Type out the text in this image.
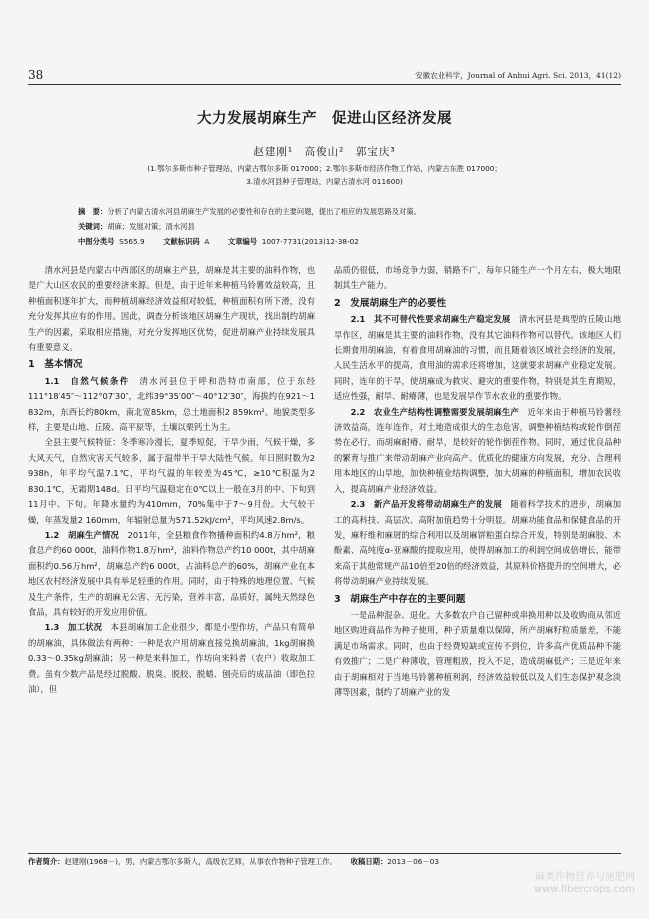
38	安徽农业科学，Journal of Anhui Agri. Sci. 2013，41(12)
大力发展胡麻生产　促进山区经济发展
赵建刚¹　高俊山²　郭宝庆³
(1.鄂尔多斯市种子管理站，内蒙古鄂尔多斯 017000；2.鄂尔多斯市经济作物工作站，内蒙古东胜 017000；
3.清水河县种子管理站，内蒙古清水河 011600)
摘　要：分析了内蒙古清水河县胡麻生产发展的必要性和存在的主要问题，提出了相应的发展思路及对策。
关键词：胡麻；发展对策；清水河县
中图分类号 S565.9	文献标识码 A	文章编号 1007-7731(2013)12-38-02

清水河县是内蒙古中西部区的胡麻主产县，胡麻是其主要的油料作物，也是广大山区农民的重要经济来源。但是，由于近年来种植马铃薯效益较高，且种植面积逐年扩大，而种植胡麻经济效益相对较低，种植面积有所下滑，没有充分发挥其应有的作用。因此，调查分析该地区胡麻生产现状，找出制约胡麻生产的因素，采取相应措施，对充分发挥地区优势，促进胡麻产业持续发展具有重要意义。

1　基本情况

1.1　自然气候条件　清水河县位于呼和浩特市南部，位于东经111°18′45″～112°07′30″，北纬39°35′00″～40°12′30″，海拔约在921～1 832m，东西长约80km，南北宽85km，总土地面积2 859km²。地貌类型多样，主要是山地、丘陵、高平原等，土壤以栗钙土为主。

全县主要气候特征：冬季寒冷漫长，夏季短促，干旱少雨，气候干燥，多大风天气，自然灾害天气较多，属于温带半干旱大陆性气候。年日照时数为2 938h，年平均气温7.1℃，平均气温的年较差为45℃，≥10℃积温为2 830.1℃，无霜期148d。日平均气温稳定在0℃以上一般在3月的中、下旬到11月中、下旬。年降水量约为410mm，70%集中于7～9月份。大气较干燥，年蒸发量2 160mm，年辐射总量为571.52kJ/cm²，平均风速2.8m/s。

1.2　胡麻生产情况　2011年，全县粮食作物播种面积约4.8万hm²，粮食总产约60 000t，油料作物1.8万hm²，油料作物总产约10 000t，其中胡麻面积约0.56万hm²，胡麻总产约6 000t，占油料总产的60%，胡麻产业在本地区农村经济发展中具有举足轻重的作用。同时，由于特殊的地理位置、气候及生产条件，生产的胡麻无公害、无污染，营养丰富，品质好，属纯天然绿色食品，具有较好的开发应用价值。

1.3　加工状况　本县胡麻加工企业很少，都是小型作坊，产品只有简单的胡麻油，具体做法有两种：一种是农户用胡麻直接兑换胡麻油，1kg胡麻换0.33～0.35kg胡麻油；另一种是来料加工，作坊向来料者（农户）收取加工费。虽有少数产品是经过脱酸、脱臭、脱胶、脱蜡、刨壳后的成品油（即色拉油），但

品质仍很低，市场竞争力弱，销路不广，每年只能生产一个月左右，极大地限制其生产能力。

2　发展胡麻生产的必要性

2.1　其不可替代性要求胡麻生产稳定发展　清水河县是典型的丘陵山地旱作区，胡麻是其主要的油料作物，没有其它油料作物可以替代。该地区人们长期食用胡麻油，有着食用胡麻油的习惯，而且随着该区域社会经济的发展，人民生活水平的提高，食用油的需求还将增加，这就要求胡麻产业稳定发展。同时，连年的干旱，使胡麻成为救灾、避灾的重要作物，特别是其生育期短，适应性强，耐旱、耐瘠薄，也是发展旱作节水农业的重要作物。

2.2　农业生产结构性调整需要发展胡麻生产　近年来由于种植马铃薯经济效益高，连年连作，对土地造成很大的生态危害，调整种植结构或轮作倒茬势在必行，而胡麻耐瘠、耐旱，是较好的轮作倒茬作物。同时，通过优良品种的繁育与推广来带动胡麻产业向高产、优质化的健康方向发展，充分、合理利用本地区的山旱地，加快种植业结构调整，加大胡麻的种植面积，增加农民收入，提高胡麻产业经济效益。

2.3　新产品开发将带动胡麻生产的发展　随着科学技术的进步，胡麻加工的高科技、高层次、高附加值趋势十分明显。胡麻功能食品和保健食品的开发，麻籽维和麻屑的综合利用以及胡麻饼粕蛋白综合开发，特别是胡麻胶、木酚素、高纯度α-亚麻酸的提取应用，使得胡麻加工的利润空间成倍增长，能带来高于其他常规产品10倍至20倍的经济效益，其原料价格提升的空间增大，必将带动胡麻产业持续发展。

3　胡麻生产中存在的主要问题

一是品种混杂、退化。大多数农户自己留种或串换用种以及收购商从邻近地区购进商品作为种子使用，种子质量难以保障，所产胡麻籽粒质量差，不能满足市场需求。同时，也由于经费短缺或宣传不到位，许多高产优质品种不能有效推广；二是广种薄收，管理粗放，投入不足，造成胡麻低产；三是近年来由于胡麻相对于当地马铃薯种植利润，经济效益较低以及人们生态保护观念淡薄等因素，制约了胡麻产业的发

作者简介：赵建刚(1968－)，男，内蒙古鄂尔多斯人，高级农艺师，从事农作物种子管理工作。 收稿日期：2013－06－03
麻类作物营养与施肥网
www.fibercrops.com
